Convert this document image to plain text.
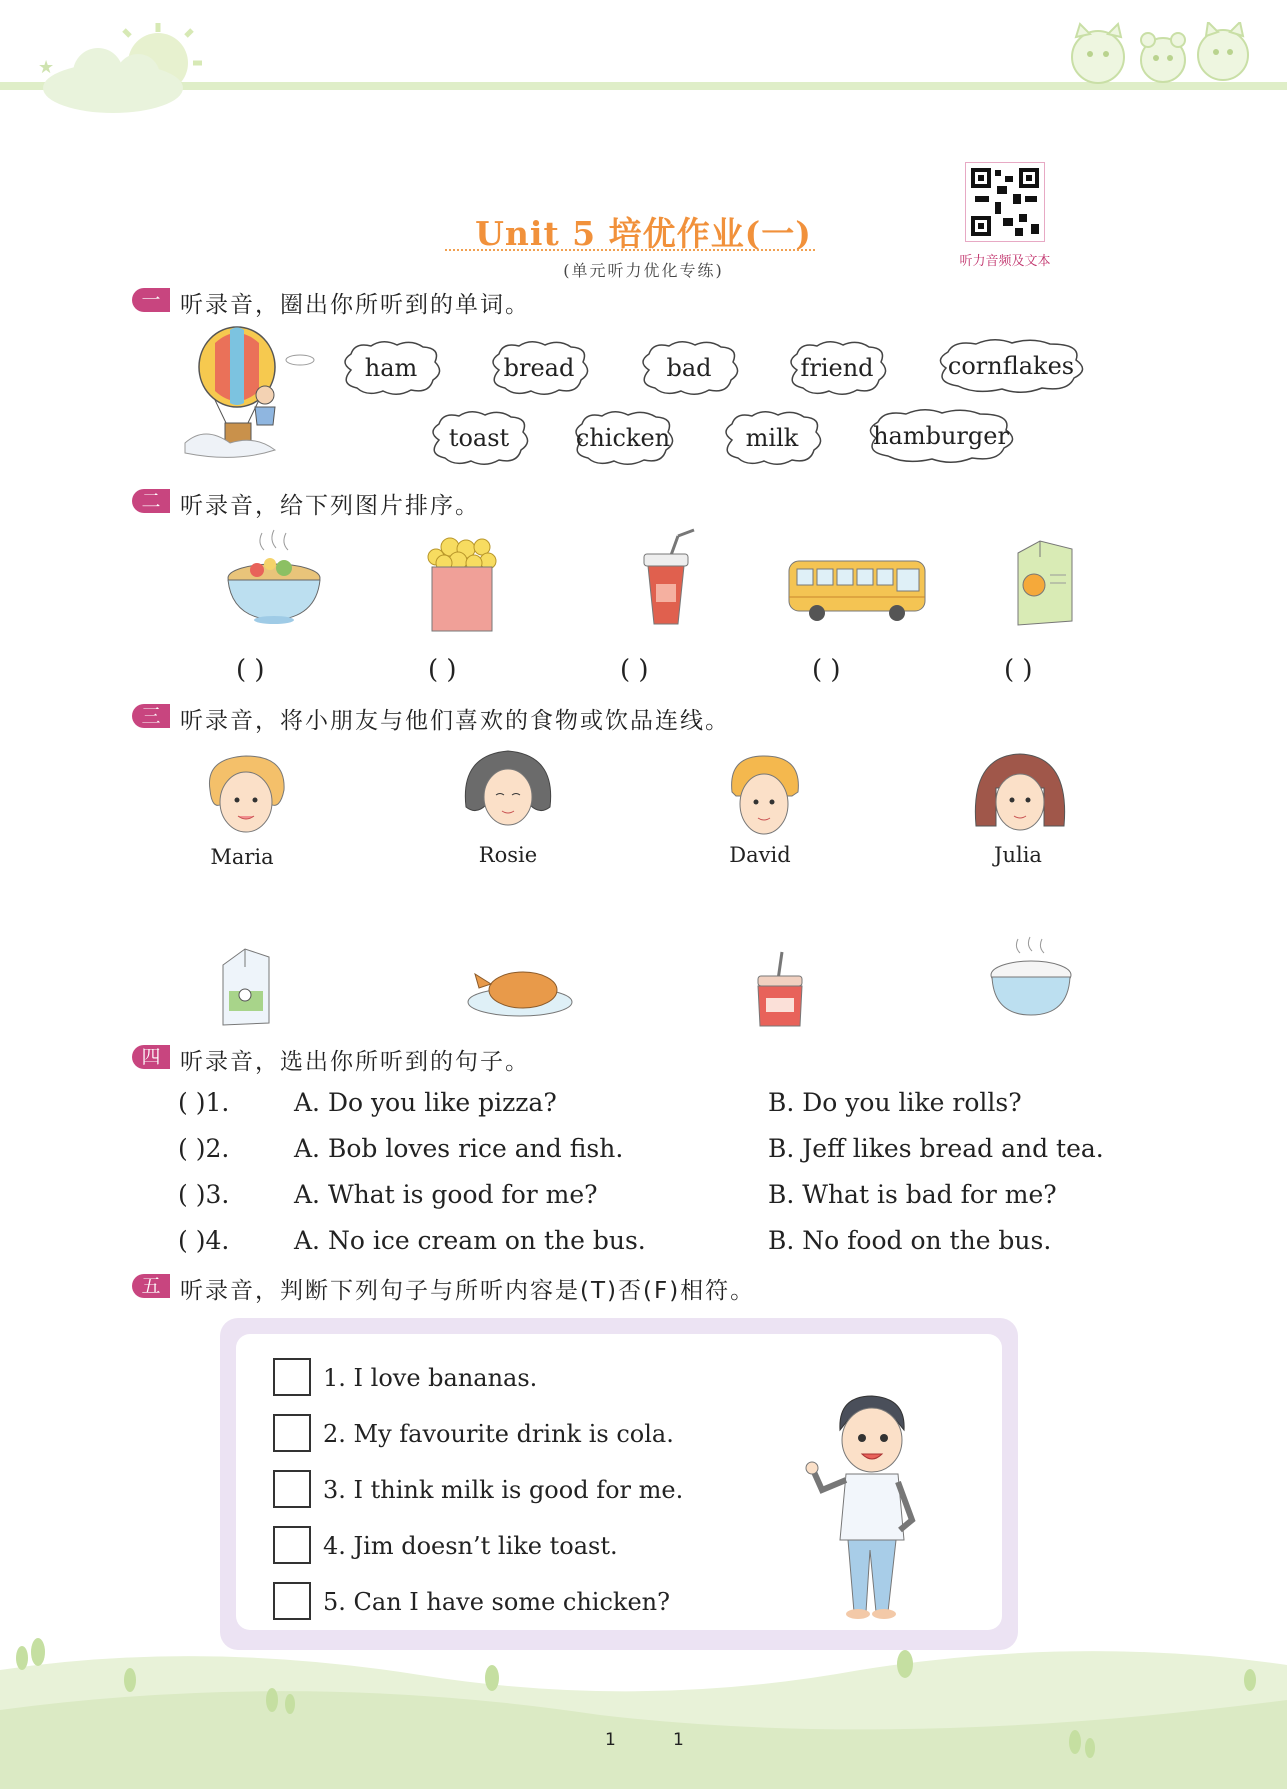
★
Unit 5 培优作业(一)
(单元听力优化专练)	听力音频及文本
一 听录音，圈出你所听到的单词。
ham	bread	bad	friend	cornflakes
toast	chicken	milk	hamburger
二 听录音，给下列图片排序。
( )	( )	( )	( )	( )
三 听录音，将小朋友与他们喜欢的食物或饮品连线。
Maria	Rosie	David	Julia
四 听录音，选出你所听到的句子。
( )1.	A. Do you like pizza?	B. Do you like rolls?
( )2.	A. Bob loves rice and fish.	B. Jeff likes bread and tea.
( )3.	A. What is good for me?	B. What is bad for me?
( )4.	A. No ice cream on the bus.	B. No food on the bus.
五 听录音，判断下列句子与所听内容是(T)否(F)相符。
1. I love bananas.
2. My favourite drink is cola.
3. I think milk is good for me.
4. Jim doesn’t like toast.
5. Can I have some chicken?
1	1
